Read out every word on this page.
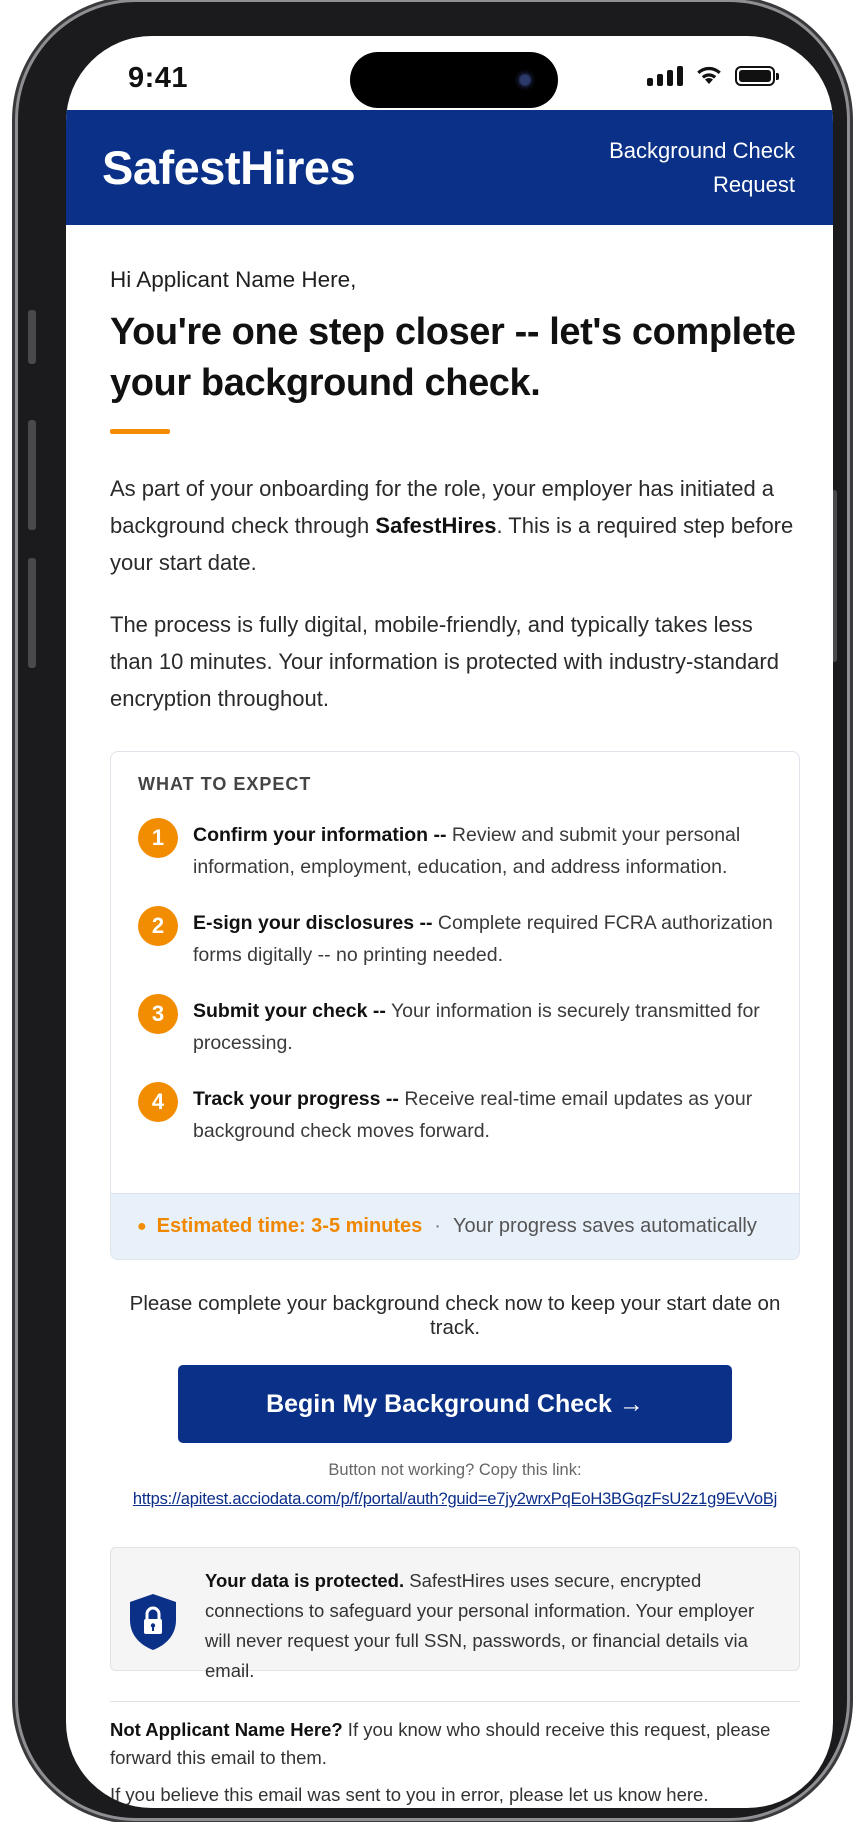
9:41
SafestHires	Background Check Request
Hi Applicant Name Here,
You're one step closer -- let's complete your background check.

As part of your onboarding for the role, your employer has initiated a background check through SafestHires. This is a required step before your start date.

The process is fully digital, mobile-friendly, and typically takes less than 10 minutes. Your information is protected with industry-standard encryption throughout.

WHAT TO EXPECT
1	Confirm your information -- Review and submit your personal information, employment, education, and address information.
2	E-sign your disclosures -- Complete required FCRA authorization forms digitally -- no printing needed.
3	Submit your check -- Your information is securely transmitted for processing.
4	Track your progress -- Receive real-time email updates as your background check moves forward.
● Estimated time: 3-5 minutes · Your progress saves automatically
Please complete your background check now to keep your start date on track.
Begin My Background Check →
Button not working? Copy this link:
https://apitest.acciodata.com/p/f/portal/auth?guid=e7jy2wrxPqEoH3BGqzFsU2z1g9EvVoBj
Your data is protected. SafestHires uses secure, encrypted connections to safeguard your personal information. Your employer will never request your full SSN, passwords, or financial details via email.
Not Applicant Name Here? If you know who should receive this request, please forward this email to them.
If you believe this email was sent to you in error, please let us know here.
